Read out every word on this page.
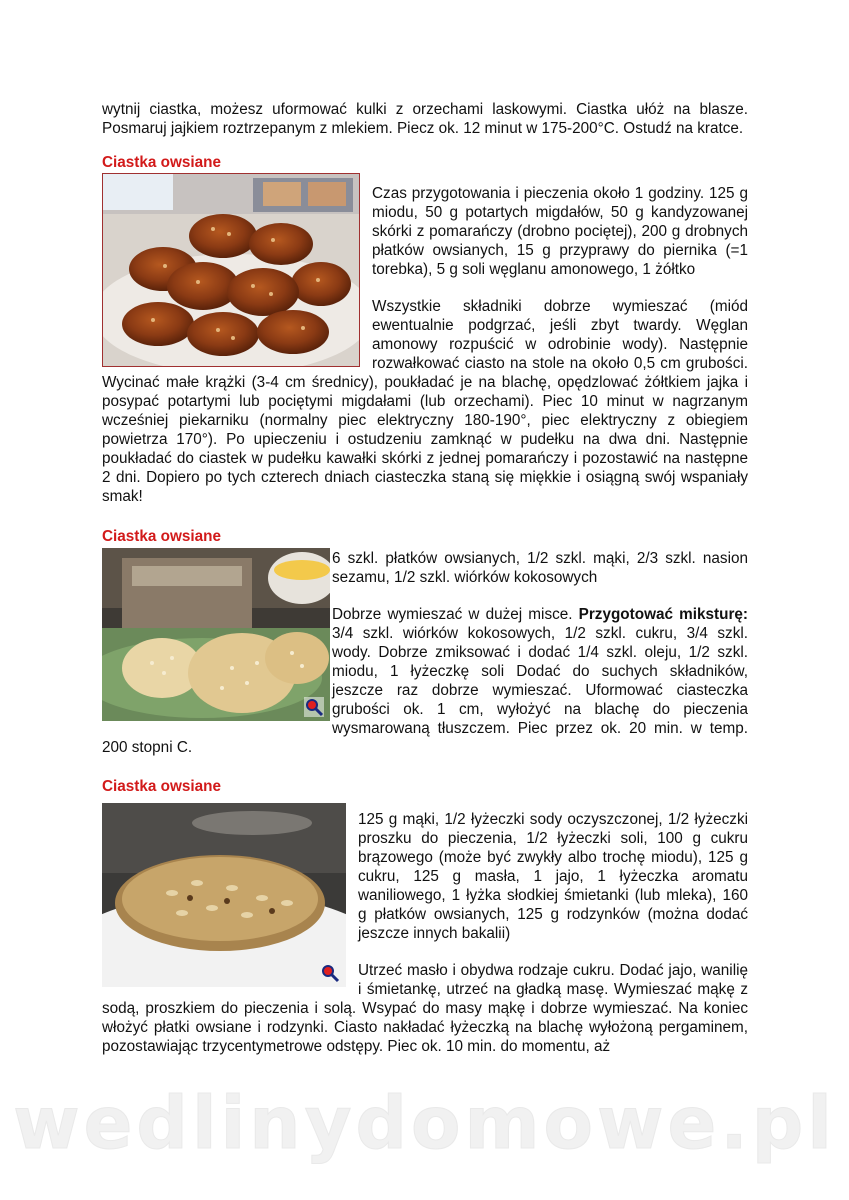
wedlinydomowe.pl

wytnij ciastka, możesz uformować kulki z orzechami laskowymi. Ciastka ułóż na blasze. Posmaruj jajkiem roztrzepanym z mlekiem. Piecz ok. 12 minut w 175-200°C. Ostudź na kratce.

Ciastka owsiane

Czas przygotowania i pieczenia około 1 godziny. 125 g miodu, 50 g potartych migdałów, 50 g kandyzowanej skórki z pomarańczy (drobno pociętej), 200 g drobnych płatków owsianych, 15 g przyprawy do piernika (=1 torebka), 5 g soli węglanu amonowego, 1 żółtko

Wszystkie składniki dobrze wymieszać (miód ewentualnie podgrzać, jeśli zbyt twardy. Węglan amonowy rozpuścić w odrobinie wody). Następnie rozwałkować ciasto na stole na około 0,5 cm grubości. Wycinać małe krążki (3-4 cm średnicy), poukładać je na blachę, opędzlować żółtkiem jajka i posypać potartymi lub pociętymi migdałami (lub orzechami). Piec 10 minut w nagrzanym wcześniej piekarniku (normalny piec elektryczny 180-190°, piec elektryczny z obiegiem powietrza 170°). Po upieczeniu i ostudzeniu zamknąć w pudełku na dwa dni. Następnie poukładać do ciastek w pudełku kawałki skórki z jednej pomarańczy i pozostawić na następne 2 dni. Dopiero po tych czterech dniach ciasteczka staną się miękkie i osiągną swój wspaniały smak!

Ciastka owsiane

6 szkl. płatków owsianych, 1/2 szkl. mąki, 2/3 szkl. nasion sezamu, 1/2 szkl. wiórków kokosowych

Dobrze wymieszać w dużej misce. Przygotować miksturę: 3/4 szkl. wiórków kokosowych, 1/2 szkl. cukru, 3/4 szkl. wody. Dobrze zmiksować i dodać 1/4 szkl. oleju, 1/2 szkl. miodu, 1 łyżeczkę soli Dodać do suchych składników, jeszcze raz dobrze wymieszać. Uformować ciasteczka grubości ok. 1 cm, wyłożyć na blachę do pieczenia wysmarowaną tłuszczem. Piec przez ok. 20 min. w temp. 200 stopni C.

Ciastka owsiane

125 g mąki, 1/2 łyżeczki sody oczyszczonej, 1/2 łyżeczki proszku do pieczenia, 1/2 łyżeczki soli, 100 g cukru brązowego (może być zwykły albo trochę miodu), 125 g cukru, 125 g masła, 1 jajo, 1 łyżeczka aromatu waniliowego, 1 łyżka słodkiej śmietanki (lub mleka), 160 g płatków owsianych, 125 g rodzynków (można dodać jeszcze innych bakalii)

Utrzeć masło i obydwa rodzaje cukru. Dodać jajo, wanilię i śmietankę, utrzeć na gładką masę. Wymieszać mąkę z sodą, proszkiem do pieczenia i solą. Wsypać do masy mąkę i dobrze wymieszać. Na koniec włożyć płatki owsiane i rodzynki. Ciasto nakładać łyżeczką na blachę wyłożoną pergaminem, pozostawiając trzycentymetrowe odstępy. Piec ok. 10 min. do momentu, aż
